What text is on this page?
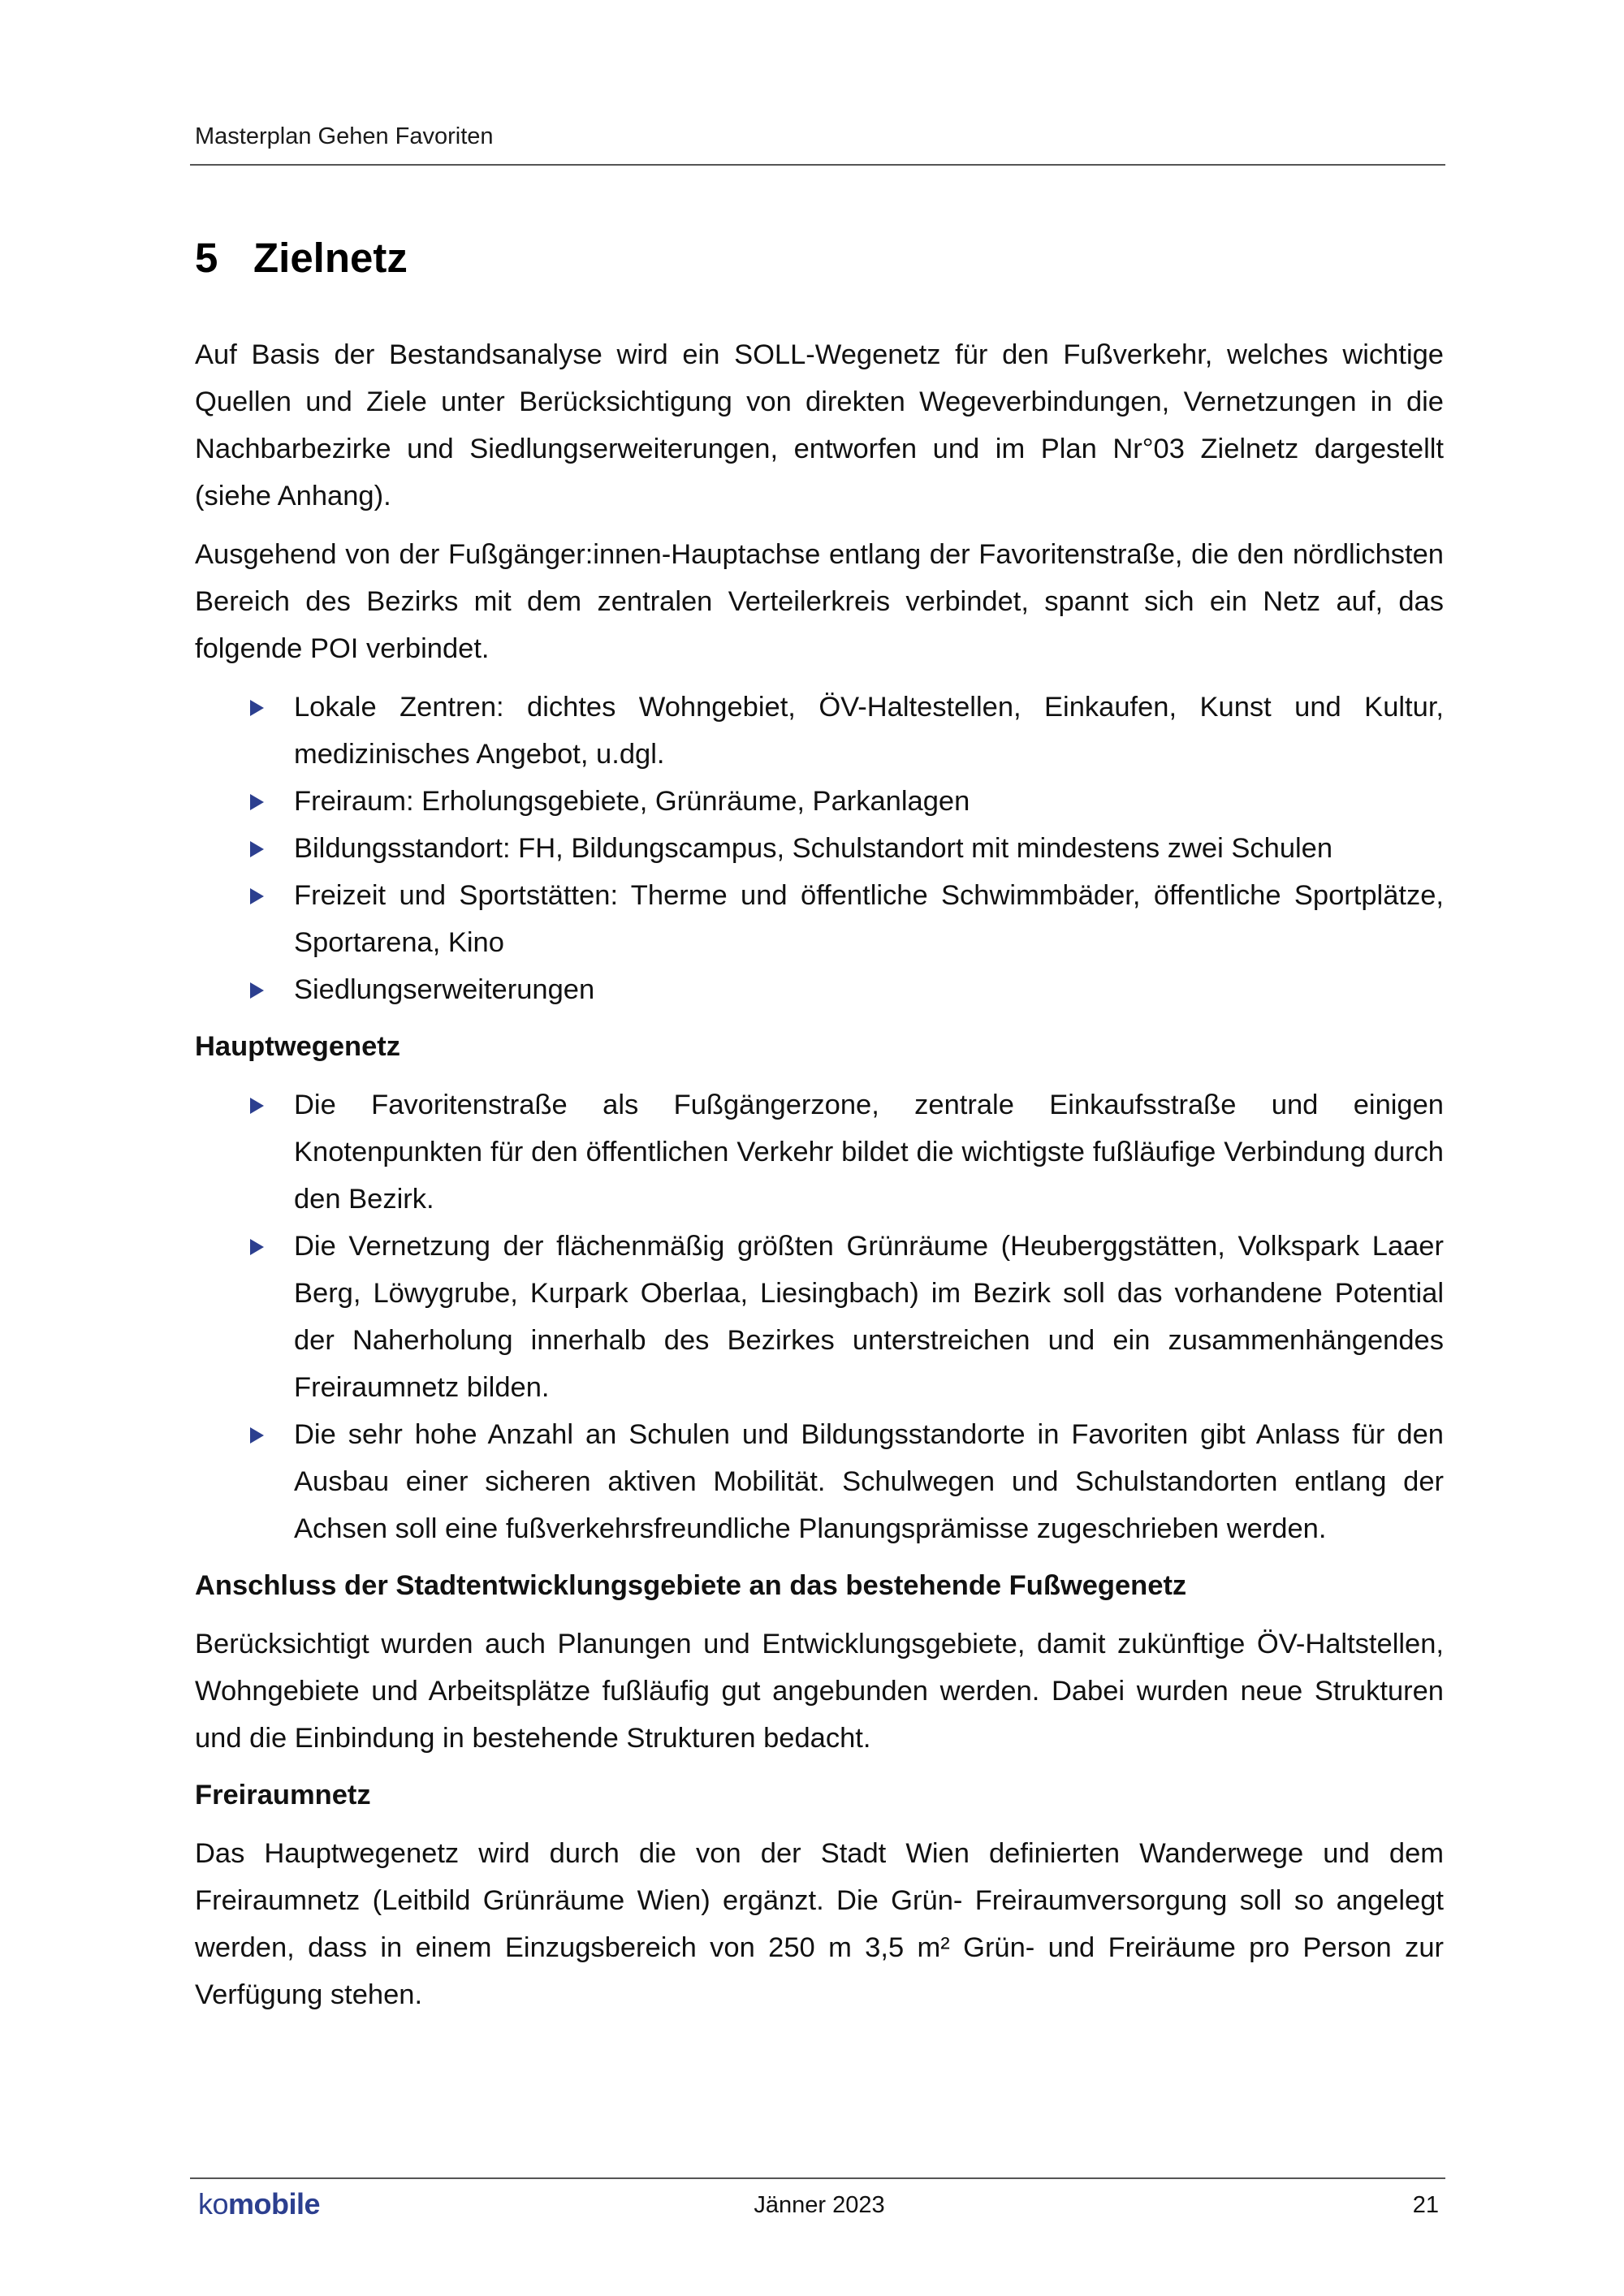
Masterplan Gehen Favoriten
5 Zielnetz

Auf Basis der Bestandsanalyse wird ein SOLL-Wegenetz für den Fußverkehr, welches wichtige Quellen und Ziele unter Berücksichtigung von direkten Wegeverbindungen, Vernetzungen in die Nachbarbezirke und Siedlungserweiterungen, entworfen und im Plan Nr°03 Zielnetz dargestellt (siehe Anhang).

Ausgehend von der Fußgänger:innen-Hauptachse entlang der Favoritenstraße, die den nördlichsten Bereich des Bezirks mit dem zentralen Verteilerkreis verbindet, spannt sich ein Netz auf, das folgende POI verbindet.

Lokale Zentren: dichtes Wohngebiet, ÖV-Haltestellen, Einkaufen, Kunst und Kultur, medizinisches Angebot, u.dgl.
Freiraum: Erholungsgebiete, Grünräume, Parkanlagen
Bildungsstandort: FH, Bildungscampus, Schulstandort mit mindestens zwei Schulen
Freizeit und Sportstätten: Therme und öffentliche Schwimmbäder, öffentliche Sportplätze, Sportarena, Kino
Siedlungserweiterungen
Hauptwegenetz
Die Favoritenstraße als Fußgängerzone, zentrale Einkaufsstraße und einigen Knotenpunkten für den öffentlichen Verkehr bildet die wichtigste fußläufige Verbindung durch den Bezirk.
Die Vernetzung der flächenmäßig größten Grünräume (Heuberggstätten, Volkspark Laaer Berg, Löwygrube, Kurpark Oberlaa, Liesingbach) im Bezirk soll das vorhandene Potential der Naherholung innerhalb des Bezirkes unterstreichen und ein zusammenhängendes Freiraumnetz bilden.
Die sehr hohe Anzahl an Schulen und Bildungsstandorte in Favoriten gibt Anlass für den Ausbau einer sicheren aktiven Mobilität. Schulwegen und Schulstandorten entlang der Achsen soll eine fußverkehrsfreundliche Planungsprämisse zugeschrieben werden.
Anschluss der Stadtentwicklungsgebiete an das bestehende Fußwegenetz

Berücksichtigt wurden auch Planungen und Entwicklungsgebiete, damit zukünftige ÖV-Haltstellen, Wohngebiete und Arbeitsplätze fußläufig gut angebunden werden. Dabei wurden neue Strukturen und die Einbindung in bestehende Strukturen bedacht.

Freiraumnetz

Das Hauptwegenetz wird durch die von der Stadt Wien definierten Wanderwege und dem Freiraumnetz (Leitbild Grünräume Wien) ergänzt. Die Grün- Freiraumversorgung soll so angelegt werden, dass in einem Einzugsbereich von 250 m 3,5 m² Grün- und Freiräume pro Person zur Verfügung stehen.

komobile	Jänner 2023	21
